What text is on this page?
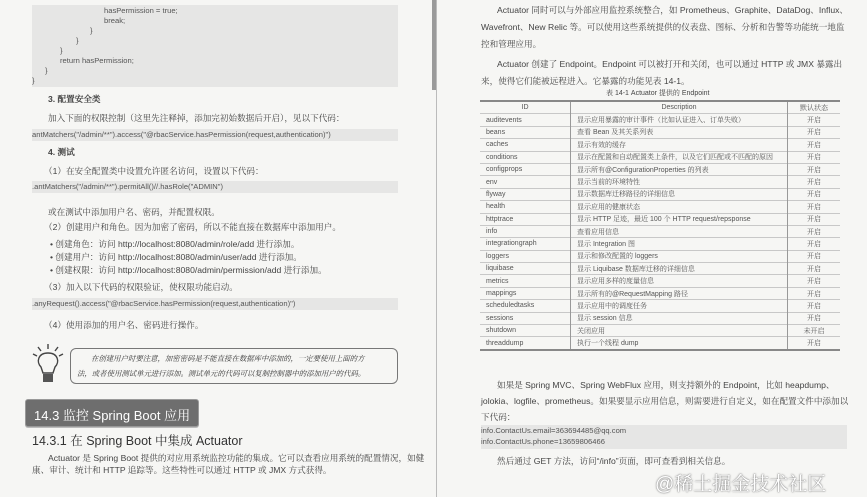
hasPermission = true;
break;
}
}
}
return hasPermission;
}
}
3. 配置安全类
加入下面的权限控制（这里先注释掉，添加完初始数据后开启），见以下代码：
antMatchers("/admin/**").access("@rbacService.hasPermission(request,authentication)")
4. 测试
（1）在安全配置类中设置允许匿名访问，设置以下代码：
.antMatchers("/admin/**").permitAll()//.hasRole("ADMIN")
或在测试中添加用户名、密码，并配置权限。
（2）创建用户和角色。因为加密了密码，所以不能直接在数据库中添加用户。
• 创建角色：访问 http://localhost:8080/admin/role/add 进行添加。
• 创建用户：访问 http://localhost:8080/admin/user/add 进行添加。
• 创建权限：访问 http://localhost:8080/admin/permission/add 进行添加。
（3）加入以下代码的权限验证，使权限功能启动。
.anyRequest().access("@rbacService.hasPermission(request,authentication)")
（4）使用添加的用户名、密码进行操作。
在创建用户时要注意，加密密码是不能直接在数据库中添加的，一定要使用上面的方
法，或者使用测试单元进行添加。测试单元的代码可以复制控制器中的添加用户的代码。
14.3 监控 Spring Boot 应用
14.3.1 在 Spring Boot 中集成 Actuator
Actuator 是 Spring Boot 提供的对应用系统监控功能的集成。它可以查看应用系统的配置情况，如健康、审计、统计和 HTTP 追踪等。这些特性可以通过 HTTP 或 JMX 方式获得。
Actuator 同时可以与外部应用监控系统整合，如 Prometheus、Graphite、DataDog、Influx、
Wavefront、New Relic 等。可以使用这些系统提供的仪表盘、图标、分析和告警等功能统一地监
控和管理应用。
Actuator 创建了 Endpoint。Endpoint 可以被打开和关闭，也可以通过 HTTP 或 JMX 暴露出
来，使得它们能被远程进入。它暴露的功能见表 14-1。
表 14-1 Actuator 提供的 Endpoint
ID	Description	默认状态
auditevents	显示应用暴露的审计事件（比如认证进入、订单失败）	开启
beans	查看 Bean 及其关系列表	开启
caches	显示有效的缓存	开启
conditions	显示在配置和自动配置类上条件，以及它们匹配或不匹配的原因	开启
configprops	显示所有@ConfigurationProperties 的列表	开启
env	显示当前的环境特性	开启
flyway	显示数据库迁移路径的详细信息	开启
health	显示应用的健康状态	开启
httptrace	显示 HTTP 足迹，最近 100 个 HTTP request/repsponse	开启
info	查看应用信息	开启
integrationgraph	显示 Integration 图	开启
loggers	显示和修改配置的 loggers	开启
liquibase	显示 Liquibase 数据库迁移的详细信息	开启
metrics	显示应用多样的度量信息	开启
mappings	显示所有的@RequestMapping 路径	开启
scheduledtasks	显示应用中的调度任务	开启
sessions	显示 session 信息	开启
shutdown	关闭应用	未开启
threaddump	执行一个线程 dump	开启
如果是 Spring MVC、Spring WebFlux 应用，则支持额外的 Endpoint，比如 heapdump、
jolokia、logfile、prometheus。如果要显示应用信息，则需要进行自定义，如在配置文件中添加以
下代码：
info.ContactUs.email=363694485@qq.com
info.ContactUs.phone=13659806466
然后通过 GET 方法，访问“/info”页面，即可查看到相关信息。
@稀土掘金技术社区
